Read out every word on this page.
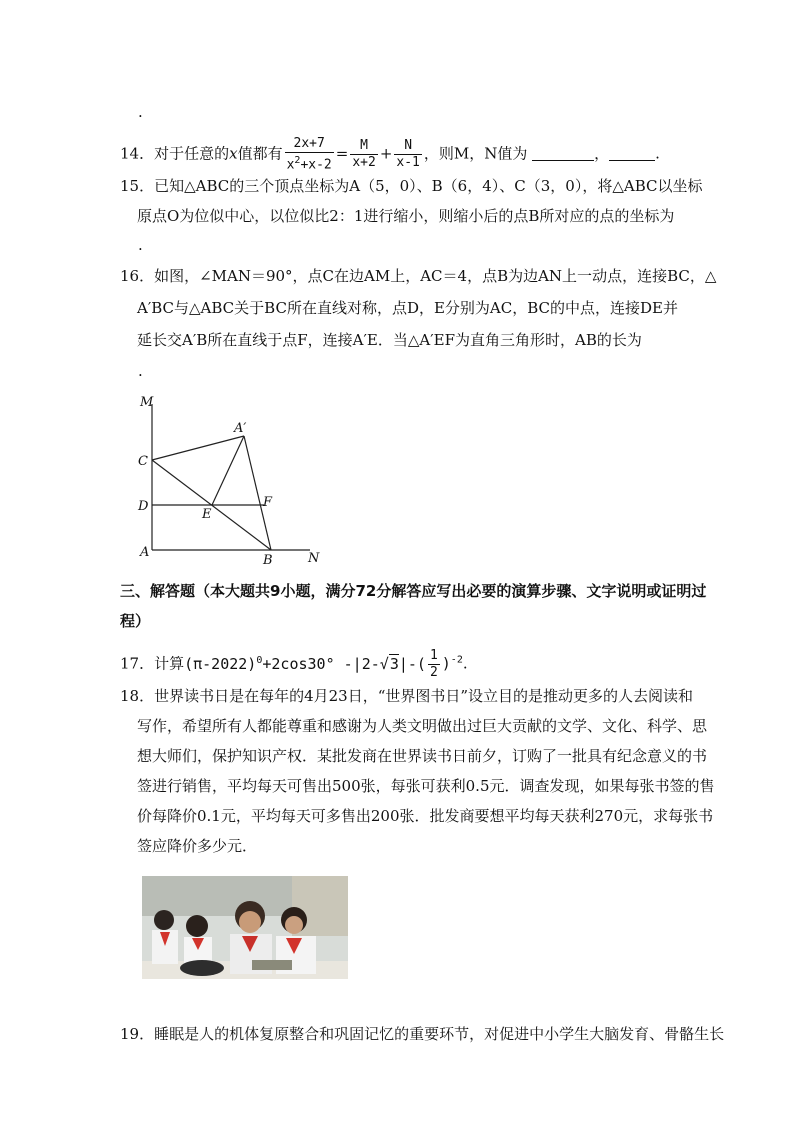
.
14．对于任意的x值都有 $\frac{2x+7}{x^2+x-2} = \frac{M}{x+2} + \frac{N}{x-1}$ ，则M，N值为	，	.
15．已知△ABC的三个顶点坐标为A（5，0）、B（6，4）、C（3，0），将△ABC以坐标
原点O为位似中心，以位似比2：1进行缩小，则缩小后的点B所对应的点的坐标为
.
16．如图，∠MAN＝90°，点C在边AM上，AC＝4，点B为边AN上一动点，连接BC，△
A′BC与△ABC关于BC所在直线对称，点D，E分别为AC，BC的中点，连接DE并
延长交A′B所在直线于点F，连接A′E．当△A′EF为直角三角形时，AB的长为
.
M
A′
C
D
E
F
A
B	N
三、解答题（本大题共9小题，满分72分解答应写出必要的演算步骤、文字说明或证明过
程）
17．计算$(\pi-2022)^0+2\cos 30^\circ$ $-|2-√3|-( \frac{1}{2} )^{-2}$.
18．世界读书日是在每年的4月23日，“世界图书日”设立目的是推动更多的人去阅读和
写作，希望所有人都能尊重和感谢为人类文明做出过巨大贡献的文学、文化、科学、思
想大师们，保护知识产权．某批发商在世界读书日前夕，订购了一批具有纪念意义的书
签进行销售，平均每天可售出500张，每张可获利0.5元．调查发现，如果每张书签的售
价每降价0.1元，平均每天可多售出200张．批发商要想平均每天获利270元，求每张书
签应降价多少元．
19．睡眠是人的机体复原整合和巩固记忆的重要环节，对促进中小学生大脑发育、骨骼生长
